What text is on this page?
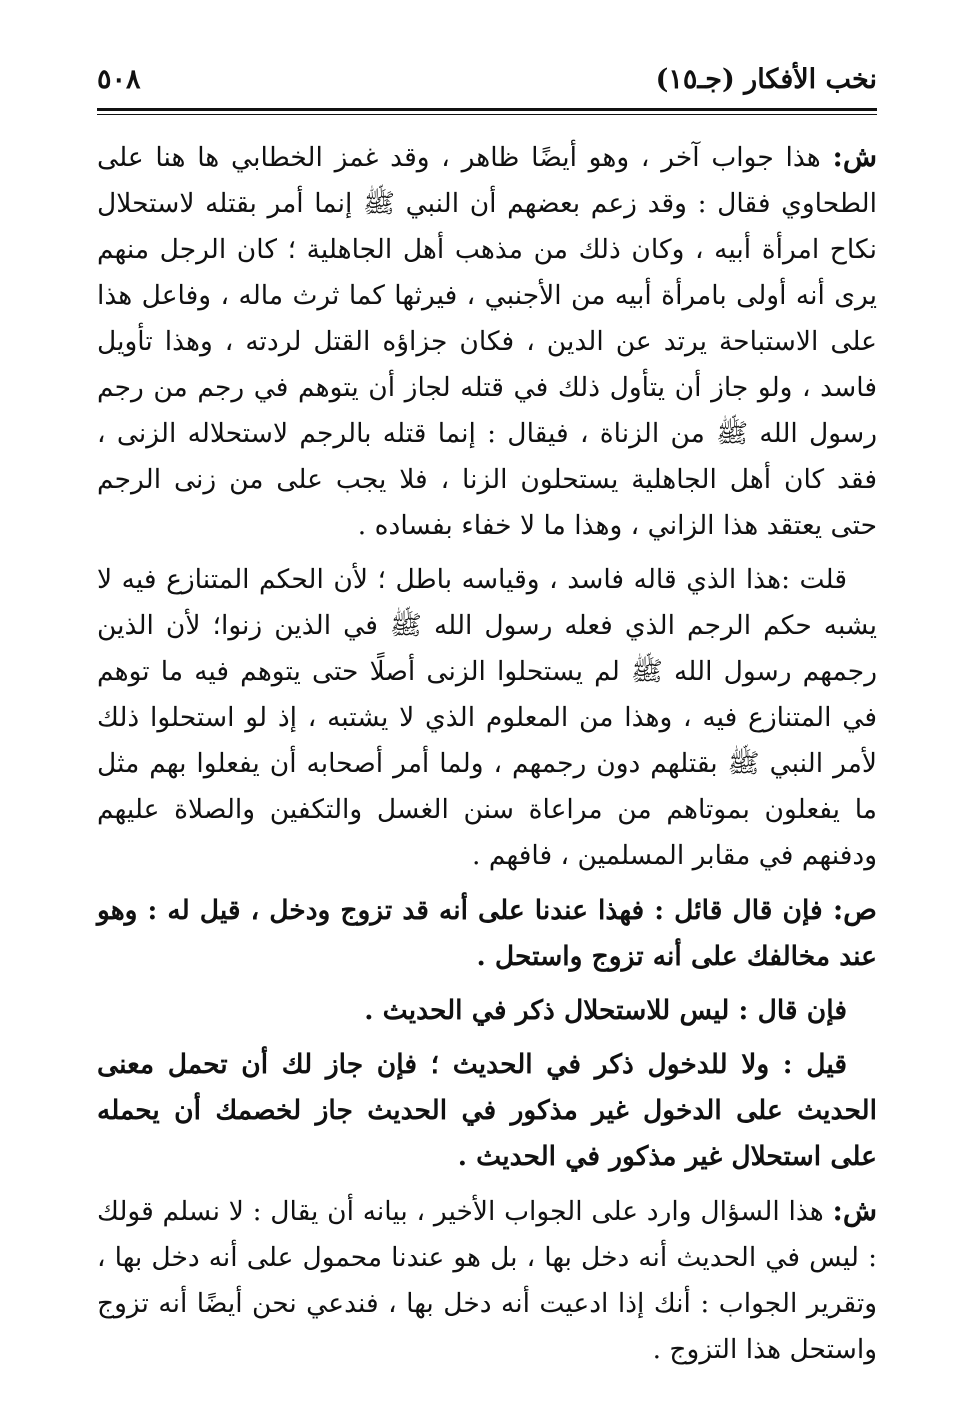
نخب الأفكار (جـ١٥)
٥٠٨

ش: هذا جواب آخر ، وهو أيضًا ظاهر ، وقد غمز الخطابي ها هنا على الطحاوي فقال : وقد زعم بعضهم أن النبي ﷺ إنما أمر بقتله لاستحلال نكاح امرأة أبيه ، وكان ذلك من مذهب أهل الجاهلية ؛ كان الرجل منهم يرى أنه أولى بامرأة أبيه من الأجنبي ، فيرثها كما ثرث ماله ، وفاعل هذا على الاستباحة يرتد عن الدين ، فكان جزاؤه القتل لردته ، وهذا تأويل فاسد ، ولو جاز أن يتأول ذلك في قتله لجاز أن يتوهم في رجم من رجم رسول الله ﷺ من الزناة ، فيقال : إنما قتله بالرجم لاستحلاله الزنى ، فقد كان أهل الجاهلية يستحلون الزنا ، فلا يجب على من زنى الرجم حتى يعتقد هذا الزاني ، وهذا ما لا خفاء بفساده .

قلت :هذا الذي قاله فاسد ، وقياسه باطل ؛ لأن الحكم المتنازع فيه لا يشبه حكم الرجم الذي فعله رسول الله ﷺ في الذين زنوا؛ لأن الذين رجمهم رسول الله ﷺ لم يستحلوا الزنى أصلًا حتى يتوهم فيه ما توهم في المتنازع فيه ، وهذا من المعلوم الذي لا يشتبه ، إذ لو استحلوا ذلك لأمر النبي ﷺ بقتلهم دون رجمهم ، ولما أمر أصحابه أن يفعلوا بهم مثل ما يفعلون بموتاهم من مراعاة سنن الغسل والتكفين والصلاة عليهم ودفنهم في مقابر المسلمين ، فافهم .

ص: فإن قال قائل : فهذا عندنا على أنه قد تزوج ودخل ، قيل له : وهو عند مخالفك على أنه تزوج واستحل .

فإن قال : ليس للاستحلال ذكر في الحديث .

قيل : ولا للدخول ذكر في الحديث ؛ فإن جاز لك أن تحمل معنى الحديث على الدخول غير مذكور في الحديث جاز لخصمك أن يحمله على استحلال غير مذكور في الحديث .

ش: هذا السؤال وارد على الجواب الأخير ، بيانه أن يقال : لا نسلم قولك : ليس في الحديث أنه دخل بها ، بل هو عندنا محمول على أنه دخل بها ، وتقرير الجواب : أنك إذا ادعيت أنه دخل بها ، فندعي نحن أيضًا أنه تزوج واستحل هذا التزوج .
